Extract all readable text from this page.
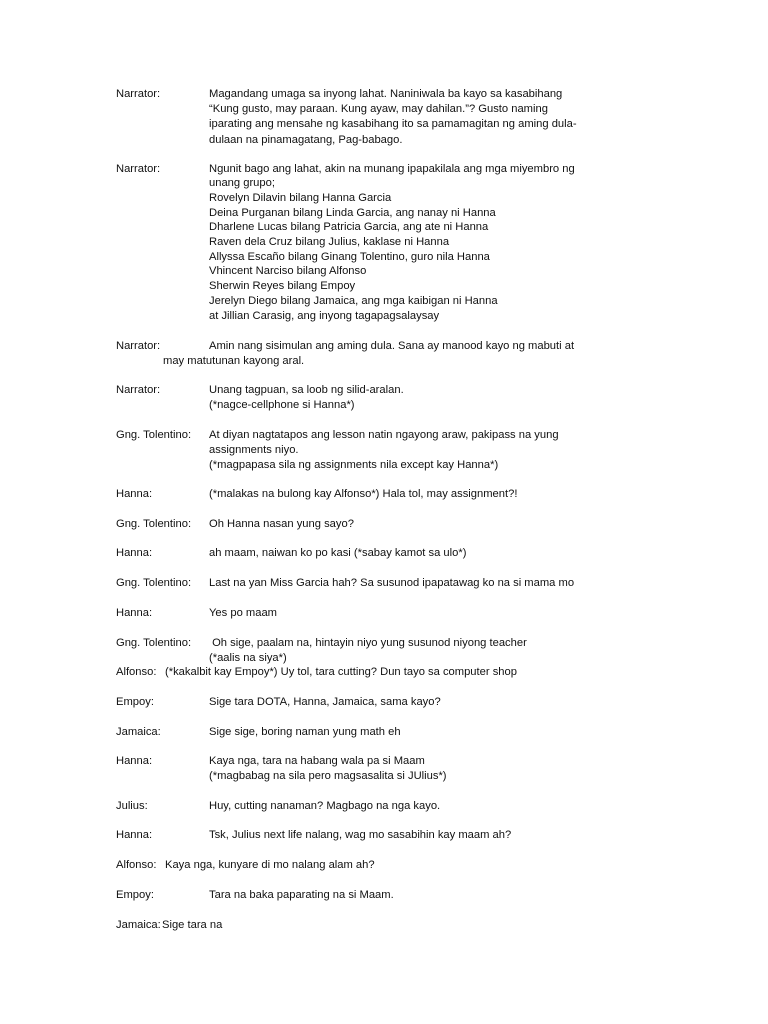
Narrator:	Magandang umaga sa inyong lahat. Naniniwala ba kayo sa kasabihang
“Kung gusto, may paraan. Kung ayaw, may dahilan.”? Gusto naming
iparating ang mensahe ng kasabihang ito sa pamamagitan ng aming dula-
dulaan na pinamagatang, Pag-babago.
Narrator:	Ngunit bago ang lahat, akin na munang ipapakilala ang mga miyembro ng
unang grupo;
Rovelyn Dilavin bilang Hanna Garcia
Deina Purganan bilang Linda Garcia, ang nanay ni Hanna
Dharlene Lucas bilang Patricia Garcia, ang ate ni Hanna
Raven dela Cruz bilang Julius, kaklase ni Hanna
Allyssa Escaño bilang Ginang Tolentino, guro nila Hanna
Vhincent Narciso bilang Alfonso
Sherwin Reyes bilang Empoy
Jerelyn Diego bilang Jamaica, ang mga kaibigan ni Hanna
at Jillian Carasig, ang inyong tagapagsalaysay
Narrator:	Amin nang sisimulan ang aming dula. Sana ay manood kayo ng mabuti at
may matutunan kayong aral.
Narrator:	Unang tagpuan, sa loob ng silid-aralan.
(*nagce-cellphone si Hanna*)
Gng. Tolentino: At diyan nagtatapos ang lesson natin ngayong araw, pakipass na yung
assignments niyo.
(*magpapasa sila ng assignments nila except kay Hanna*)
Hanna:	(*malakas na bulong kay Alfonso*) Hala tol, may assignment?!
Gng. Tolentino: Oh Hanna nasan yung sayo?
Hanna:	ah maam, naiwan ko po kasi (*sabay kamot sa ulo*)
Gng. Tolentino: Last na yan Miss Garcia hah? Sa susunod ipapatawag ko na si mama mo
Hanna:	Yes po maam
Gng. Tolentino: Oh sige, paalam na, hintayin niyo yung susunod niyong teacher
(*aalis na siya*)
Alfonso: (*kakalbit kay Empoy*) Uy tol, tara cutting? Dun tayo sa computer shop
Empoy:	Sige tara DOTA, Hanna, Jamaica, sama kayo?
Jamaica:	Sige sige, boring naman yung math eh
Hanna:	Kaya nga, tara na habang wala pa si Maam
(*magbabag na sila pero magsasalita si JUlius*)
Julius:	Huy, cutting nanaman? Magbago na nga kayo.
Hanna:	Tsk, Julius next life nalang, wag mo sasabihin kay maam ah?
Alfonso: Kaya nga, kunyare di mo nalang alam ah?
Empoy:	Tara na baka paparating na si Maam.
Jamaica: Sige tara na
